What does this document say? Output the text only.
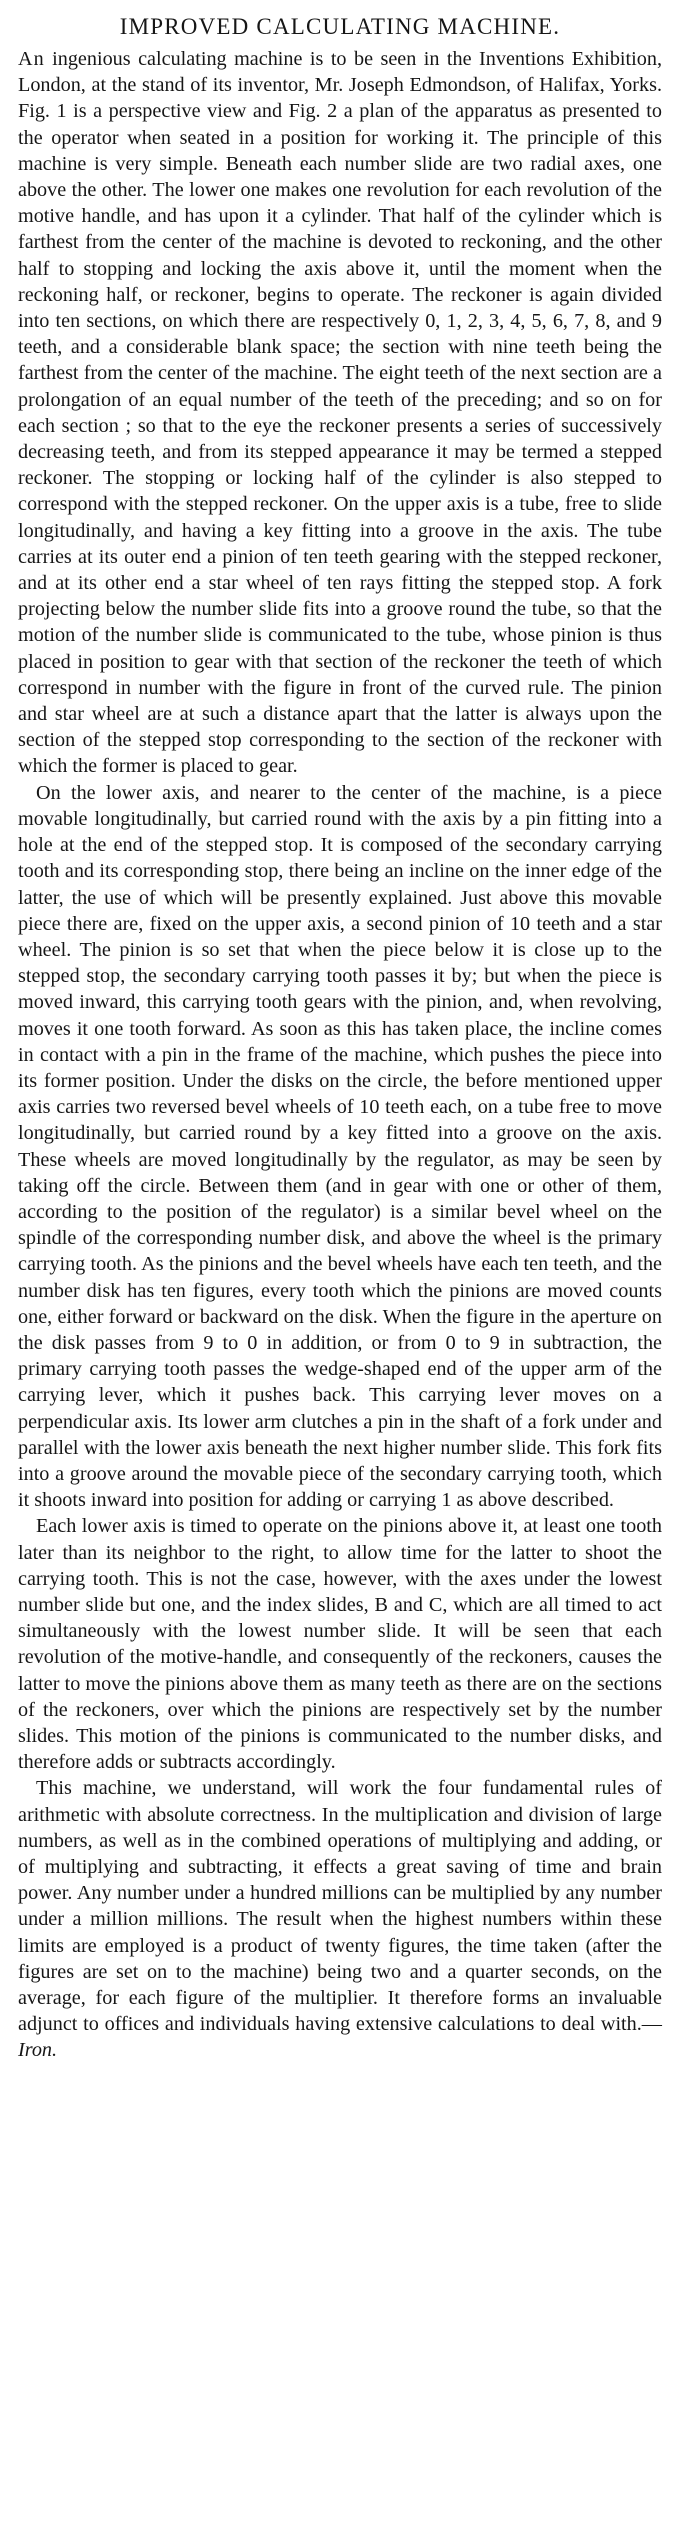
IMPROVED CALCULATING MACHINE.

An ingenious calculating machine is to be seen in the Inventions Exhibition, London, at the stand of its inventor, Mr. Joseph Edmondson, of Halifax, Yorks. Fig. 1 is a perspective view and Fig. 2 a plan of the apparatus as presented to the operator when seated in a position for working it. The principle of this machine is very simple. Beneath each number slide are two radial axes, one above the other. The lower one makes one revolution for each revolution of the motive handle, and has upon it a cylinder. That half of the cylinder which is farthest from the center of the machine is devoted to reckoning, and the other half to stopping and locking the axis above it, until the moment when the reckoning half, or reckoner, begins to operate. The reckoner is again divided into ten sections, on which there are respectively 0, 1, 2, 3, 4, 5, 6, 7, 8, and 9 teeth, and a considerable blank space; the section with nine teeth being the farthest from the center of the machine. The eight teeth of the next section are a prolongation of an equal number of the teeth of the preceding; and so on for each section ; so that to the eye the reckoner presents a series of successively decreasing teeth, and from its stepped appearance it may be termed a stepped reckoner. The stopping or locking half of the cylinder is also stepped to correspond with the stepped reckoner. On the upper axis is a tube, free to slide longitudinally, and having a key fitting into a groove in the axis. The tube carries at its outer end a pinion of ten teeth gearing with the stepped reckoner, and at its other end a star wheel of ten rays fitting the stepped stop. A fork projecting below the number slide fits into a groove round the tube, so that the motion of the number slide is communicated to the tube, whose pinion is thus placed in position to gear with that section of the reckoner the teeth of which correspond in number with the figure in front of the curved rule. The pinion and star wheel are at such a distance apart that the latter is always upon the section of the stepped stop corresponding to the section of the reckoner with which the former is placed to gear.

On the lower axis, and nearer to the center of the machine, is a piece movable longitudinally, but carried round with the axis by a pin fitting into a hole at the end of the stepped stop. It is composed of the secondary carrying tooth and its corresponding stop, there being an incline on the inner edge of the latter, the use of which will be presently explained. Just above this movable piece there are, fixed on the upper axis, a second pinion of 10 teeth and a star wheel. The pinion is so set that when the piece below it is close up to the stepped stop, the secondary carrying tooth passes it by; but when the piece is moved inward, this carrying tooth gears with the pinion, and, when revolving, moves it one tooth forward. As soon as this has taken place, the incline comes in contact with a pin in the frame of the machine, which pushes the piece into its former position. Under the disks on the circle, the before mentioned upper axis carries two reversed bevel wheels of 10 teeth each, on a tube free to move longitudinally, but carried round by a key fitted into a groove on the axis. These wheels are moved longitudinally by the regulator, as may be seen by taking off the circle. Between them (and in gear with one or other of them, according to the position of the regulator) is a similar bevel wheel on the spindle of the corresponding number disk, and above the wheel is the primary carrying tooth. As the pinions and the bevel wheels have each ten teeth, and the number disk has ten figures, every tooth which the pinions are moved counts one, either forward or backward on the disk. When the figure in the aperture on the disk passes from 9 to 0 in addition, or from 0 to 9 in subtraction, the primary carrying tooth passes the wedge-shaped end of the upper arm of the carrying lever, which it pushes back. This carrying lever moves on a perpendicular axis. Its lower arm clutches a pin in the shaft of a fork under and parallel with the lower axis beneath the next higher number slide. This fork fits into a groove around the movable piece of the secondary carrying tooth, which it shoots inward into position for adding or carrying 1 as above described.

Each lower axis is timed to operate on the pinions above it, at least one tooth later than its neighbor to the right, to allow time for the latter to shoot the carrying tooth. This is not the case, however, with the axes under the lowest number slide but one, and the index slides, B and C, which are all timed to act simultaneously with the lowest number slide. It will be seen that each revolution of the motive-handle, and consequently of the reckoners, causes the latter to move the pinions above them as many teeth as there are on the sections of the reckoners, over which the pinions are respectively set by the number slides. This motion of the pinions is communicated to the number disks, and therefore adds or subtracts accordingly.

This machine, we understand, will work the four fundamental rules of arithmetic with absolute correctness. In the multiplication and division of large numbers, as well as in the combined operations of multiplying and adding, or of multiplying and subtracting, it effects a great saving of time and brain power. Any number under a hundred millions can be multiplied by any number under a million millions. The result when the highest numbers within these limits are employed is a product of twenty figures, the time taken (after the figures are set on to the machine) being two and a quarter seconds, on the average, for each figure of the multiplier. It therefore forms an invaluable adjunct to offices and individuals having extensive calculations to deal with.—Iron.
